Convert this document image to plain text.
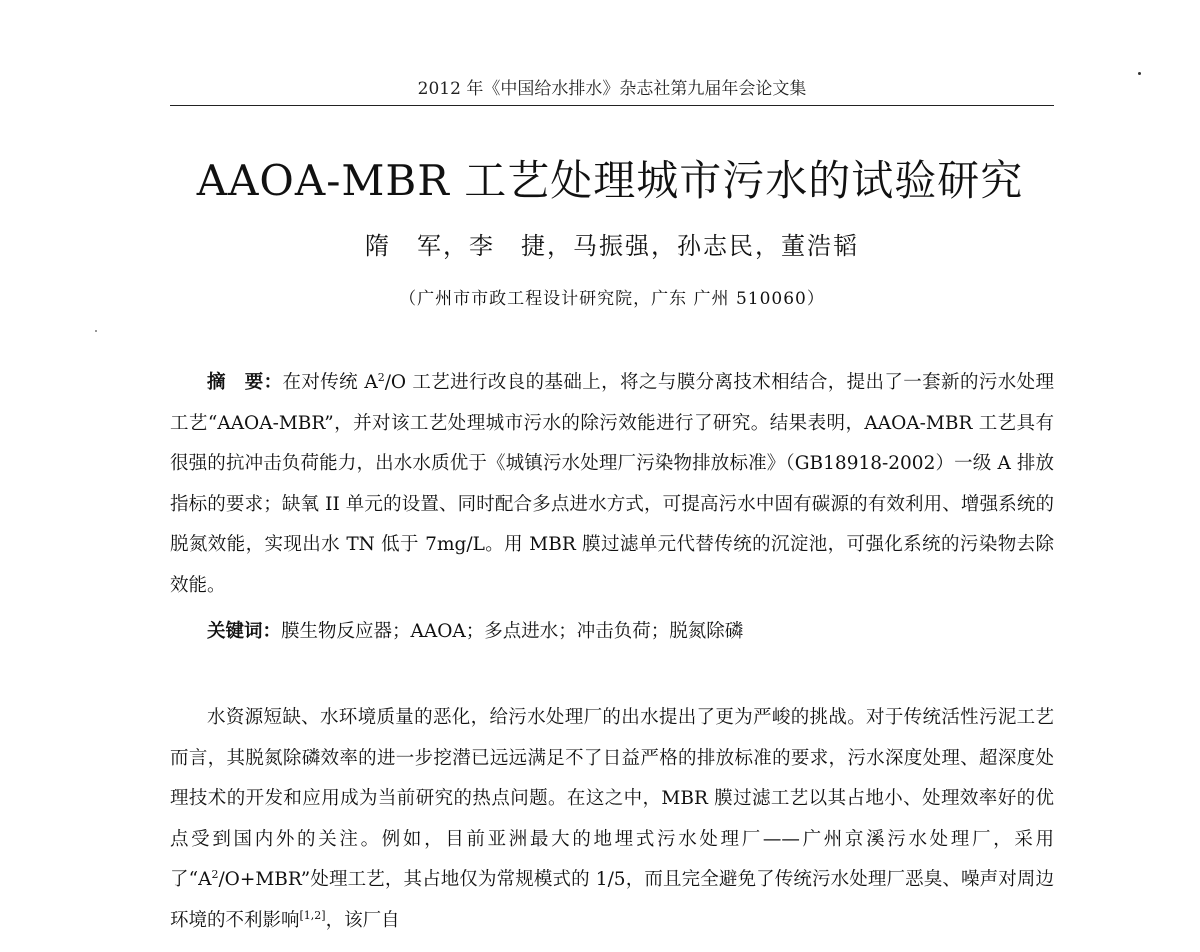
2012 年《中国给水排水》杂志社第九届年会论文集
AAOA-MBR 工艺处理城市污水的试验研究
隋　军，李　捷，马振强，孙志民，董浩韬
（广州市市政工程设计研究院，广东 广州 510060）

摘　要：在对传统 $A^2/O$ 工艺进行改良的基础上，将之与膜分离技术相结合，提出了一套新的污水处理工艺“AAOA-MBR”，并对该工艺处理城市污水的除污效能进行了研究。结果表明，AAOA-MBR 工艺具有很强的抗冲击负荷能力，出水水质优于《城镇污水处理厂污染物排放标准》（GB18918-2002）一级 A 排放指标的要求；缺氧 II 单元的设置、同时配合多点进水方式，可提高污水中固有碳源的有效利用、增强系统的脱氮效能，实现出水 TN 低于 7mg/L。用 MBR 膜过滤单元代替传统的沉淀池，可强化系统的污染物去除效能。

关键词：膜生物反应器；AAOA；多点进水；冲击负荷；脱氮除磷

水资源短缺、水环境质量的恶化，给污水处理厂的出水提出了更为严峻的挑战。对于传统活性污泥工艺而言，其脱氮除磷效率的进一步挖潜已远远满足不了日益严格的排放标准的要求，污水深度处理、超深度处理技术的开发和应用成为当前研究的热点问题。在这之中，MBR 膜过滤工艺以其占地小、处理效率好的优点受到国内外的关注。例如，目前亚洲最大的地埋式污水处理厂——广州京溪污水处理厂，采用了“$A^2/O+MBR$”处理工艺，其占地仅为常规模式的 1/5，而且完全避免了传统污水处理厂恶臭、噪声对周边环境的不利影响[1,2]，该厂自
